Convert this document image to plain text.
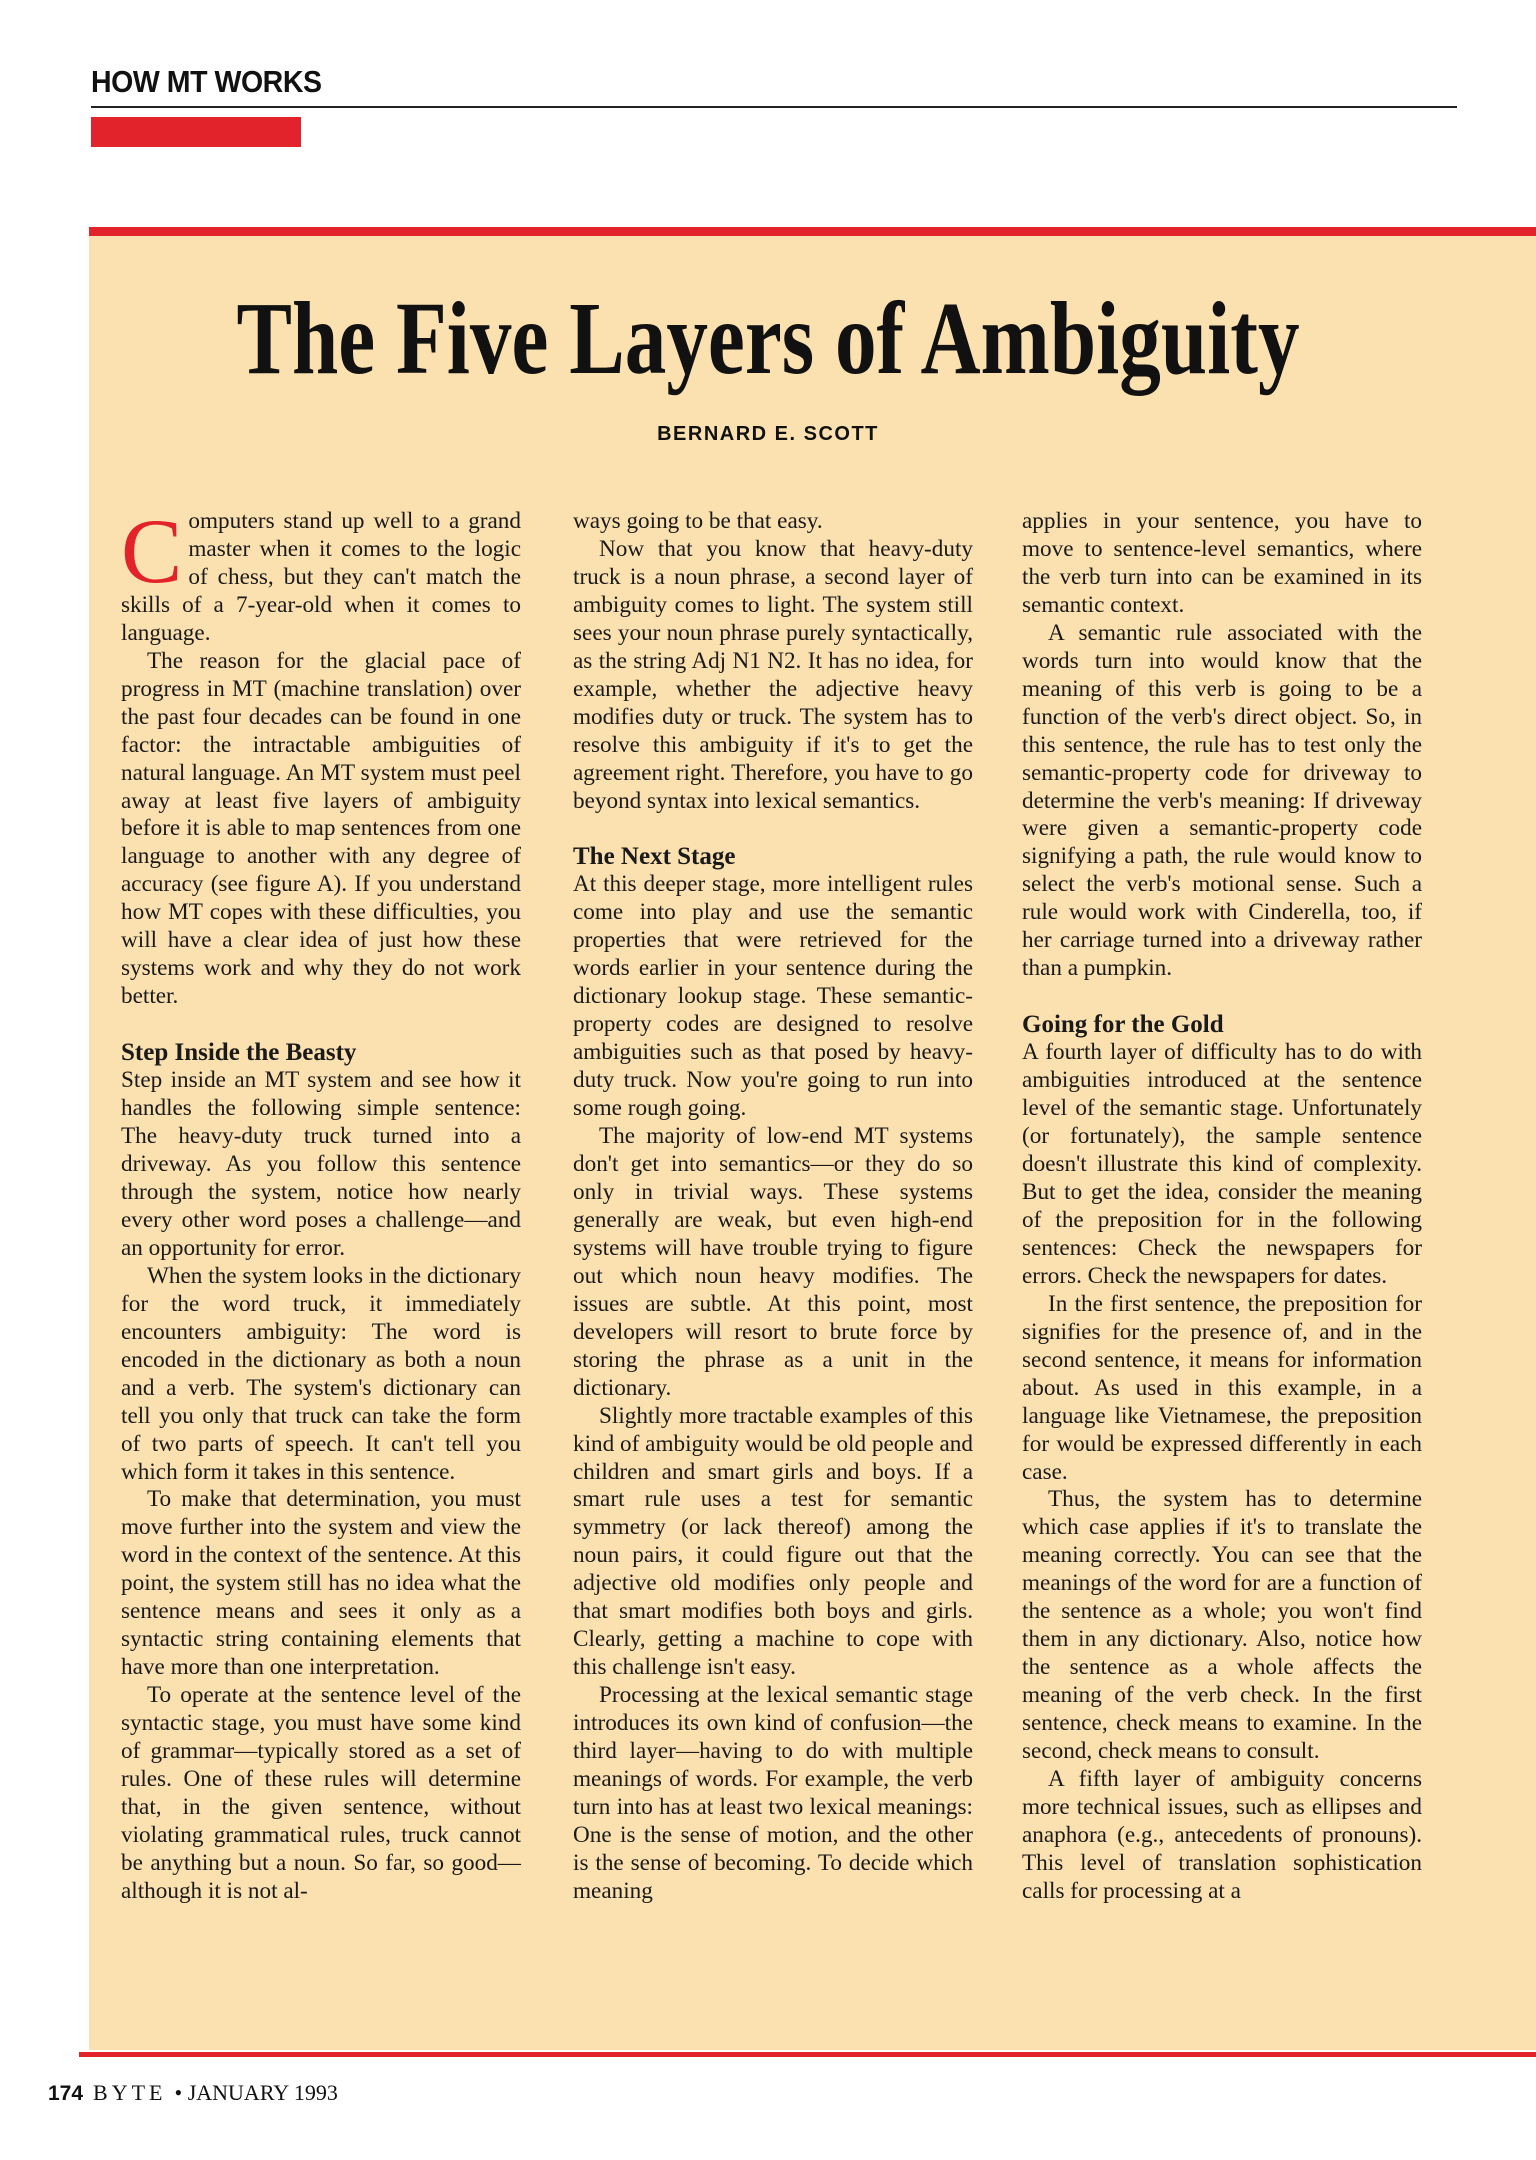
HOW MT WORKS
The Five Layers of Ambiguity
BERNARD E. SCOTT

Computers stand up well to a grand master when it comes to the logic of chess, but they can't match the skills of a 7-year-old when it comes to language.

The reason for the glacial pace of progress in MT (machine translation) over the past four decades can be found in one factor: the intractable ambiguities of natural language. An MT system must peel away at least five layers of ambiguity before it is able to map sentences from one language to another with any degree of accuracy (see figure A). If you understand how MT copes with these difficulties, you will have a clear idea of just how these systems work and why they do not work better.

Step Inside the Beasty

Step inside an MT system and see how it handles the following simple sentence: The heavy-duty truck turned into a driveway. As you follow this sentence through the system, notice how nearly every other word poses a challenge—and an opportunity for error.

When the system looks in the dictionary for the word truck, it immediately encounters ambiguity: The word is encoded in the dictionary as both a noun and a verb. The system's dictionary can tell you only that truck can take the form of two parts of speech. It can't tell you which form it takes in this sentence.

To make that determination, you must move further into the system and view the word in the context of the sentence. At this point, the system still has no idea what the sentence means and sees it only as a syntactic string containing elements that have more than one interpretation.

To operate at the sentence level of the syntactic stage, you must have some kind of grammar—typically stored as a set of rules. One of these rules will determine that, in the given sentence, without violating grammatical rules, truck cannot be anything but a noun. So far, so good—although it is not al-

ways going to be that easy.

Now that you know that heavy-duty truck is a noun phrase, a second layer of ambiguity comes to light. The system still sees your noun phrase purely syntactically, as the string Adj N1 N2. It has no idea, for example, whether the adjective heavy modifies duty or truck. The system has to resolve this ambiguity if it's to get the agreement right. Therefore, you have to go beyond syntax into lexical semantics.

The Next Stage

At this deeper stage, more intelligent rules come into play and use the semantic properties that were retrieved for the words earlier in your sentence during the dictionary lookup stage. These semantic-property codes are designed to resolve ambiguities such as that posed by heavy-duty truck. Now you're going to run into some rough going.

The majority of low-end MT systems don't get into semantics—or they do so only in trivial ways. These systems generally are weak, but even high-end systems will have trouble trying to figure out which noun heavy modifies. The issues are subtle. At this point, most developers will resort to brute force by storing the phrase as a unit in the dictionary.

Slightly more tractable examples of this kind of ambiguity would be old people and children and smart girls and boys. If a smart rule uses a test for semantic symmetry (or lack thereof) among the noun pairs, it could figure out that the adjective old modifies only people and that smart modifies both boys and girls. Clearly, getting a machine to cope with this challenge isn't easy.

Processing at the lexical semantic stage introduces its own kind of confusion—the third layer—having to do with multiple meanings of words. For example, the verb turn into has at least two lexical meanings: One is the sense of motion, and the other is the sense of becoming. To decide which meaning

applies in your sentence, you have to move to sentence-level semantics, where the verb turn into can be examined in its semantic context.

A semantic rule associated with the words turn into would know that the meaning of this verb is going to be a function of the verb's direct object. So, in this sentence, the rule has to test only the semantic-property code for driveway to determine the verb's meaning: If driveway were given a semantic-property code signifying a path, the rule would know to select the verb's motional sense. Such a rule would work with Cinderella, too, if her carriage turned into a driveway rather than a pumpkin.

Going for the Gold

A fourth layer of difficulty has to do with ambiguities introduced at the sentence level of the semantic stage. Unfortunately (or fortunately), the sample sentence doesn't illustrate this kind of complexity. But to get the idea, consider the meaning of the preposition for in the following sentences: Check the newspapers for errors. Check the newspapers for dates.

In the first sentence, the preposition for signifies for the presence of, and in the second sentence, it means for information about. As used in this example, in a language like Vietnamese, the preposition for would be expressed differently in each case.

Thus, the system has to determine which case applies if it's to translate the meaning correctly. You can see that the meanings of the word for are a function of the sentence as a whole; you won't find them in any dictionary. Also, notice how the sentence as a whole affects the meaning of the verb check. In the first sentence, check means to examine. In the second, check means to consult.

A fifth layer of ambiguity concerns more technical issues, such as ellipses and anaphora (e.g., antecedents of pronouns). This level of translation sophistication calls for processing at a

174 BYTE • JANUARY 1993
